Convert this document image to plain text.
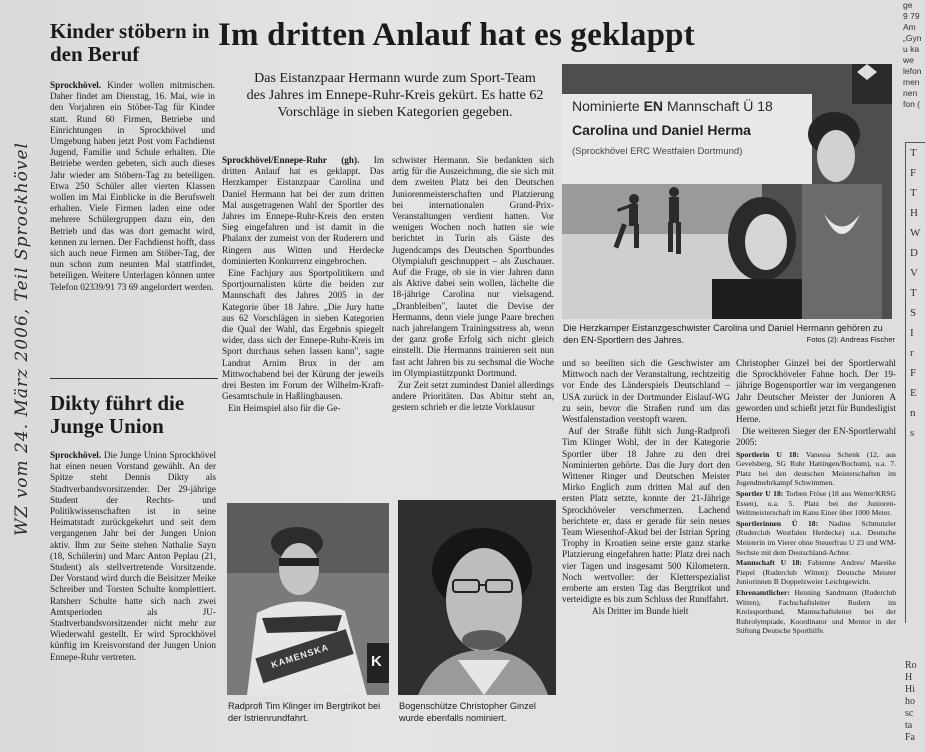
WZ vom 24. März 2006, Teil Sprockhövel
Kinder stöbern in den Beruf

Sprockhövel. Kinder wollen mitmischen. Daher findet am Dienstag, 16. Mai, wie in den Vorjahren ein Stöber-Tag für Kinder statt. Rund 60 Firmen, Betriebe und Einrichtungen in Sprockhövel und Umgebung haben jetzt Post vom Fachdienst Jugend, Familie und Schule erhalten. Die Betriebe werden gebeten, sich auch dieses Jahr wieder am Stöbern-Tag zu beteiligen. Etwa 250 Schüler aller vierten Klassen wollen im Mai Einblicke in die Berufswelt erhalten. Viele Firmen laden eine oder mehrere Schülergruppen dazu ein, den Betrieb und das was dort gemacht wird, kennen zu lernen. Der Fachdienst hofft, dass sich auch neue Firmen am Stöber-Tag, der nun schon zum neunten Mal stattfindet, beteiligen. Weitere Unterlagen können unter Telefon 02339/91 73 69 angelordert werden.

Dikty führt die Junge Union

Sprockhövel. Die Junge Union Sprockhövel hat einen neuen Vorstand gewählt. An der Spitze steht Dennis Dikty als Stadtverbandsvorsitzender. Der 29-jährige Student der Rechts- und Politikwissenschaften ist in seine Heimatstadt zurückgekehrt und seit dem vergangenen Jahr bei der Jungen Union aktiv. Ihm zur Seite stehen Nathalie Sayn (18, Schülerin) und Marc Anton Peplau (21, Student) als stellvertretende Vorsitzende. Der Vorstand wird durch die Beisitzer Meike Schreiber und Torsten Schulte komplettiert. Ratsherr Schulte hatte sich nach zwei Amtsperioden als JU-Stadtverbandsvorsitzender nicht mehr zur Wiederwahl gestellt. Er wird Sprockhövel künftig im Kreisvorstand der Jungen Union Ennepe-Ruhr vertreten.

Im dritten Anlauf hat es geklappt

Das Eistanzpaar Hermann wurde zum Sport-Team des Jahres im Ennepe-Ruhr-Kreis gekürt. Es hatte 62 Vorschläge in sieben Kategorien gegeben.

Sprockhövel/Ennepe-Ruhr (gh). Im dritten Anlauf hat es geklappt. Das Herzkamper Eistanzpaar Carolina und Daniel Hermann hat bei der zum dritten Mal ausgetragenen Wahl der Sportler des Jahres im Ennepe-Ruhr-Kreis den ersten Sieg eingefahren und ist damit in die Phalanx der zumeist von der Ruderern und Ringern aus Witten und Herdecke dominierten Konkurrenz eingebrochen.

Eine Fachjury aus Sportpolitikern und Sportjournalisten kürte die beiden zur Mannschaft des Jahres 2005 in der Kategorie über 18 Jahre. „Die Jury hatte aus 62 Vorschlägen in sieben Kategorien die Qual der Wahl, das Ergebnis spiegelt wider, dass sich der Ennepe-Ruhr-Kreis im Sport durchaus sehen lassen kann", sagte Landrat Arnim Brux in der am Mittwochabend bei der Kürung der jeweils drei Besten im Forum der Wilhelm-Kraft-Gesamtschule in Haßlinghausen.

Ein Heimspiel also für die Ge-

schwister Hermann. Sie bedankten sich artig für die Auszeichnung, die sie sich mit dem zweiten Platz bei den Deutschen Juniorenmeisterschaften und Platzierung bei internationalen Grand-Prix-Veranstaltungen verdient hatten. Vor wenigen Wochen noch hatten sie wie berichtet in Turin als Gäste des Jugendcamps des Deutschen Sportbundes Olympialuft geschnuppert – als Zuschauer. Auf die Frage, ob sie in vier Jahren dann als Aktive dabei sein wollen, lächelte die 18-jährige Carolina nur vielsagend. „Dranbleiben", lautet die Devise der Hermanns, denn viele junge Paare brechen nach jahrelangem Trainingsstress ab, wenn der ganz große Erfolg sich nicht gleich einstellt. Die Hermanns trainieren seit nun fast acht Jahren bis zu sechsmal die Woche im Olympiastützpunkt Dortmund.

Zur Zeit setzt zumindest Daniel allerdings andere Prioritäten. Das Abitur steht an, gestern schrieb er die letzte Vorklausur

Nominierte EN Mannschaft Ü 18
Carolina und Daniel Herma
(Sprockhövel ERC Westfalen Dortmund)

Die Herzkamper Eistanzgeschwister Carolina und Daniel Hermann gehören zu den EN-Sportlern des Jahres.	Fotos (2): Andreas Fischer

und so beeilten sich die Geschwister am Mittwoch nach der Veranstaltung, rechtzeitig vor Ende des Länderspiels Deutschland – USA zurück in der Dortmunder Eislauf-WG zu sein, bevor die Straßen rund um das Westfalenstadion verstopft waren.

Auf der Straße fühlt sich Jung-Radprofi Tim Klinger Wohl, der in der Kategorie Sportler über 18 Jahre zu den drei Nominierten gehörte. Das die Jury dort den Wittener Ringer und Deutschen Meister Mirko Englich zum dritten Mal auf den ersten Platz setzte, konnte der 21-Jährige Sprockhöveler verschmerzen. Lachend berichtete er, dass er gerade für sein neues Team Wiesenhof-Akud bei der Istrian Spring Trophy in Kroatien seine erste ganz starke Platzierung eingefahren hatte: Platz drei nach vier Tagen und insgesamt 500 Kilometern. Noch wertvoller: der Kletterspezialist eroberte am ersten Tag das Bergtrikot und verteidigte es bis zum Schluss der Rundfahrt.

Als Dritter im Bunde hielt

Christopher Ginzel bei der Sportlerwahl die Sprockhöveler Fahne hoch. Der 19-jährige Bogensportler war im vergangenen Jahr Deutscher Meister der Junioren A geworden und schießt jetzt für Bundesligist Herne.

Die weiteren Sieger der EN-Sportlerwahl 2005:

Sportlerin U 18: Vanessa Schenk (12, aus Gevelsberg, SG Ruhr Hattingen/Bochum), u.a. 7. Platz bei den deutschen Meisterschaften im Jugendmehrkampf Schwimmen.

Sportler U 18: Torben Fröse (18 aus Wetter/KRSG Essen), u.a. 5. Platz bei der Junioren-Weltmeisterschaft im Kanu Einer über 1000 Meter.

Sportlerinnen Ü 18: Nadine Schmutzler (Ruderclub Westfalen Herdecke) u.a. Deutsche Meisterin im Vierer ohne Steuerfrau U 23 und WM-Sechste mit dem Deutschland-Achter.

Mannschaft U 18: Fabienne Andres/ Mareike Piepel (Ruderclub Witten): Deutsche Meister Juniorinnen B Doppelzweier Leichtgewicht.

Ehrenamtlicher: Henning Sandmann (Ruderclub Witten), Fachschaftsleiter Rudern im Kreissportbund, Mannschaftsleiter bei der Ruhrolympiade, Koordinator und Mentor in der Stiftung Deutsche Sporthilfe.

KAMENSKA	K

Radprofi Tim Klinger im Bergtrikot bei der Istrienrundfahrt.

Bogenschütze Christopher Ginzel wurde ebenfalls nominiert.

ge
9 79
Am
„Gyn
u ka
we
lefon
men
nen
fon (
T
F
T
H
W
D
V
T
S
I
r
F
E
n
s
Ro
H
Hi
ho
sc
ta
Fa
